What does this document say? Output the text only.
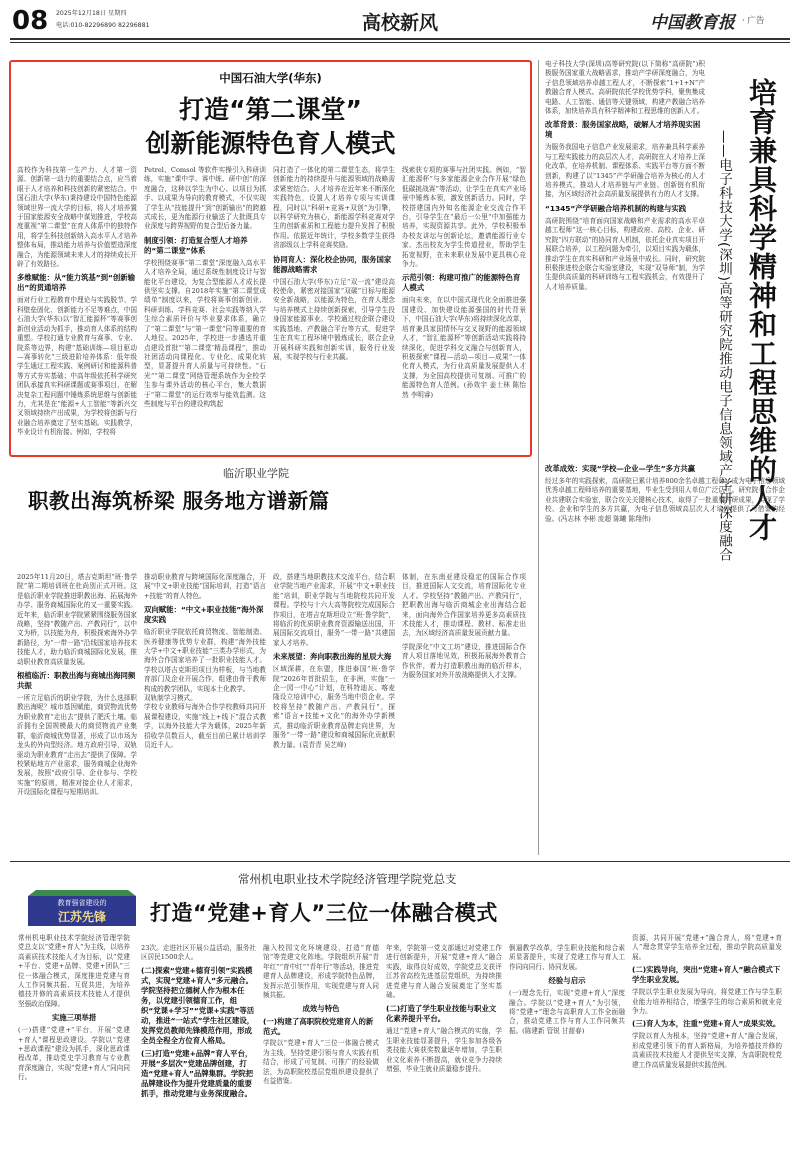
08 2025年12月18日 星期四
电话:010-82296890 82296881	高校新风	中国教育报 · 广告
中国石油大学(华东)
打造“第二课堂”
创新能源特色育人模式
高校作为科技第一生产力、人才第一资源、创新第一动力的重要结合点，应当着眼于人才培养和科技创新的紧密结合。中国石油大学(华东)秉持建设中国特色能源领域世界一流大学的目标，将人才培养置于国家能源安全战略中谋划推进，学校高度重视“第二课堂”在育人体系中的独特作用，将学生科技创新纳入高水平人才培养整体布局，推动能力培养与价值塑造深度融合，为能源领域未来人才的持续成长开辟了有效路径。
多维赋能：从“能力筑基”到“创新输出”的贯通培养
面对行业工程教育中理论与实践脱节、学科壁垒固化、创新能力不足等难点，中国石油大学(华东)以“智汇能源杯”等赛事创新创业活动为抓手，推动育人体系的结构重塑。学校打通专业教育与赛事、专业、院系等边界，构建“基础训练—项目驱动—赛事转化”三级进阶培养体系：低年级学生通过工程实践、案例研讨和能源科普等方式夯实基础；中高年级依托科学研究团队承接真实科研课题或赛事项目，在解决复杂工程问题中锤炼系统思维与创新能力，尤其是在“能源+人工智能”等新兴交叉领域持续产出成果，为学校将创新与行业融合培养奠定了坚实基础。实践教学，毕业设计有机衔接。例如，学校将
Petrel、Comsol 等软件实操引入科研训练，实施“课中学、赛中练、研中创”的深度融合，这种以学生为中心、以项目为抓手、以成果为导向的教育模式，不仅实现了学生从“技能提升”到“创新输出”的跨越式成长，更为能源行业输送了大批既具专业深度与跨界视野的复合型后备力量。
制度引领：打造复合型人才培养的“第二课堂”体系
学校围绕赛事“第二课堂”深度融入高水平人才培养全局，通过系统性制度设计与智能化平台建设，为复合型能源人才成长提供坚实支撑。自2018年实施“第二课堂成绩单”制度以来，学校将赛事创新创业、科研训练、学科竞赛、社会实践等纳入学生综合素质评价与毕业要求体系，确立了“第二课堂”与“第一课堂”同等重要的育人地位。2025年，学校进一步遴选并重点建设首批“‘第二课堂’精品课程”，推动社团活动向课程化、专业化、成果化转型，显著提升育人质量与可持续性。“石光”“第二课堂”网络管理系统作为全校学生参与课外活动的核心平台，集大数据于“第二课堂”的运行效率与能效监测。这些制度与平台的建设构筑起
同打造了一体化的第二课堂生态，将学生创新能力的持续提升与能源领域的战略需求紧密结合。人才培养在近年来不断深化实践特色，设置人才培养专项与实训课程，同时以“科研+竞赛+双创”为引擎，以科学研究为核心，新能源学科竞赛对学生的创新素质和工程能力提升发挥了积极作用。依据近年统计，学校多数学生获得省部级以上学科竞赛奖励。
协同育人：深化校企协同，服务国家能源战略需求
中国石油大学(华东)立足“双一流”建设高校使命，紧密对接国家“双碳”目标与能源安全新战略，以能源为特色，在育人理念与培养模式上持续创新探索，引导学生投身国家能源事业。学校通过校企联合建设实践基地、产教融合平台等方式，促进学生在真实工程环境中锻炼成长，联合企业开展科研实践和创新实训，服务行业发展，实现学校与行业共赢。
线索获专项的赛事与社团实践。例如，“智汇能源杯”与多家能源企业合作开展“绿色低碳挑战赛”等活动，让学生在真实产业场景中锤炼本领，激发创新活力。同时，学校搭建国内外知名能源企业交流合作平台，引导学生在“最后一公里”中加强能力培养，实现资源共享。此外，学校积极举办校友讲坛与创新论坛，邀请能源行业专家、杰出校友为学生传道授业，帮助学生拓宽视野，在未来职业发展中更具核心竞争力。
示范引领：构建可推广的能源特色育人模式
面向未来，在以中国式现代化全面推进强国建设、加快建设能源强国的时代背景下，中国石油大学(华东)将持续深化改革，培育兼具家国情怀与交叉视野的能源领域人才，“智汇能源杯”等创新活动实践将持续深化，促进学科交叉融合与创新育人，积极探索“课程—活动—项目—成果”一体化育人模式，为行业高质量发展提供人才支撑，为全国高校提供可复制、可推广的能源特色育人范例。(孙效宇 姜士林 陈怡然 李明睿)
临沂职业学院
职教出海筑桥梁 服务地方谱新篇
2025年11月20日，塔吉克斯坦“班·鲁学院”第二期培训班在杜尚别正式开班。这是临沂职业学院推进职教出海、拓展海外办学、服务商城国际化的又一重要实践。近年来，临沂职业学院紧紧围绕服务国家战略，坚持“教随产出、产教同行”，以中文为桥，以技能为舟，积极探索海外办学新路径，为“一带一路”沿线国家培养技术技能人才，助力临沂商城国际化发展，推动职业教育高质量发展。
根植临沂：职教出海与商城出海同频共振
一所立足临沂的职业学院，为什么选择职教出海呢？城市基因赋能，商贸物流优势为职业教育“走出去”提供了肥沃土壤。临沂拥有全国规模最大的商贸物流产业集群，临沂商城优势显著，形成了以市场为龙头的外向型经济。地方政府引导，双轨驱动为职业教育“走出去”提供了保障。学校紧贴地方产业需求，服务商城企业海外发展，按照“政府引导、企业参与、学校实施”的原则，精准对接企业人才需求，开设国际化课程与短期培训。
推动职业教育与跨境国际化深度融合，开展“中文+职业技能”国际培训，打造“语言+技能”的育人特色。
双向赋能：“中文+职业技能”海外深度实践
临沂职业学院依托商贸物流、智能制造、医养健康等优势专业群，构建“海外技能大学+中文+职业技能”三类办学形式，为海外合作国家培养了一批职业技能人才。学校以塔吉克斯坦项目为样板，与当地教育部门及企业开展合作，组建由骨干教师构成的教学团队，实现本土化教学。
双轨制学习模式。
学校专业教师与海外合作学校教师共同开展课程建设，实施“线上+线下”混合式教学，以海外技能大学为载体，2025年新招收学员数百人，截至目前已累计培训学员近千人。
政，搭建当地职教技术交流平台，结合职业学院当地产业需求，开展“中文+职业技能”培训，职业学院与当地院校共同开发课程。学校与十六大高等院校完成国际合作项目，在塔吉克斯坦设立“班·鲁学院”，将临沂的优质职业教育资源输送出国，开展国际交流项目，服务“一带一路”共建国家人才培养。
未来展望：奔向职教出海的星辰大海
区域深耕，在东盟，推进泰国“班·鲁学院”2026年首批招生，在非洲，实施“一企一园一中心”计划，在科特迪瓦、喀麦隆设立培训中心，服务当地中资企业。学校将坚持“教随产出、产教同行”，探索“语言+技能+文化”的海外办学新模式，推动临沂职业教育品牌走向世界，为服务“一带一路”建设和商城国际化贡献职教力量。(袁青青 吴艺峰)
体制，在东南亚建设稳定的国际合作项目，推进国际人文交流，培育国际化专业人才。学校坚持“教随产出、产教同行”，把职教出海与临沂商城企业出海结合起来，面向海外合作国家培养更多高素质技术技能人才，推动课程、教材、标准走出去，为区域经济高质量发展贡献力量。
学院深化“中文工坊”建设，推进国际合作育人项目落地见效，积极拓展海外教育合作伙伴，着力打造职教出海的临沂样本，为服务国家对外开放战略提供人才支撑。
教育强省建设的
江苏先锋
常州机电职业技术学院经济管理学院党总支
打造“党建+育人”三位一体融合模式
常州机电职业技术学院经济管理学院党总支以“党建+育人”为主线，以培养高素质技术技能人才为目标，以“党建+平台、党建+品牌、党建+团队”三位一体融合模式，深度推进党建与育人工作同频共振、互促共进，为培养德技并修的高素质技术技能人才提供坚强政治保障。
实施三项举措
(一)搭建“党建+”平台，开展“党建+育人”课程思政建设。学院以“党建+思政课程”建设为抓手，深化思政课程改革，推动党史学习教育与专业教育深度融合，实现“党建+育人”同向同行。
23次。走进社区开展公益活动，服务社区居民1500余人。
(二)探索“党建+德育引领”实践模式，实现“党建+育人”多元融合。学院坚持把立德树人作为根本任务，以党建引领德育工作，组织“党课+学习”“党课+实践”等活动，推进“一站式”学生社区建设，发挥党员教师先锋模范作用，形成全员全程全方位育人格局。
(三)打造“党建+品牌”育人平台，开展“多层次”党建品牌创建，打造“党建+育人”品牌集群。学院把品牌建设作为提升党建质量的重要抓手，推动党建与业务深度融合。
融入校园文化环境建设，打造“育德馆”等党建文化阵地。学院组织开展“青年红”“育中红”“青年行”等活动，推进党建育人品牌建设，形成学院特色品牌，发挥示范引领作用，实现党建与育人同频共振。
成效与特色
(一)构建了高职院校党建育人的新范式。
学院以“党建+育人”三位一体融合模式为主线，坚持党建引领与育人实践有机结合，形成了可复制、可推广的经验做法，为高职院校基层党组织建设提供了有益借鉴。
年来，学院第一党支部通过对党建工作进行创新提升，开展“党建+育人”融合实践，取得良好成效，学院党总支获评江苏省高校先进基层党组织，为持续推进党建与育人融合发展奠定了坚实基础。
(二)打造了学生职业技能与职业文化素养提升平台。
通过“党建+育人”融合模式的实施，学生职业技能显著提升，学生参加各级各类技能大赛获奖数量逐年增加，学生职业文化素养不断提高，就业竞争力持续增强，毕业生就业质量稳步提升。
倒逼教学改革，学生职业技能和综合素质显著提升，实现了党建工作与育人工作同向同行、协同发展。
经验与启示
(一)理念先行，实现“党建+育人”深度融合。学院以“党建+育人”为引领，将“党建+”理念与高职育人工作全面融合，推动党建工作与育人工作同频共振。(陈建新 管锐 甘甜春)
资源，共同开展“党建+”融合育人，将“党建+育人”理念贯穿学生培养全过程，推动学院高质量发展。
(二)实践导向，突出“党建+育人”融合模式下学生职业发展。
学院以学生职业发展为导向，将党建工作与学生职业能力培养相结合，增强学生的综合素质和就业竞争力。
(三)育人为本，注重“党建+育人”成果实效。
学院以育人为根本，坚持“党建+育人”融合发展，形成党建引领下的育人新格局，为培养德技并修的高素质技术技能人才提供坚实支撑，为高职院校党建工作高质量发展提供实践范例。
培育兼具科学精神和工程思维的人才
——电子科技大学(深圳)高等研究院推动电子信息领域产学研深度融合
电子科技大学(深圳)高等研究院(以下简称“高研院”)积极服务国家重大战略需求，推动产学研深度融合，为电子信息领域培养卓越工程人才，不断探索“1+1+N”产教融合育人模式。高研院依托学校优势学科，聚焦集成电路、人工智能、通信等关键领域，构建产教融合培养体系，加快培养具有科学精神和工程思维的创新人才。
改革背景：服务国家战略，破解人才培养现实困境
为服务我国电子信息产业发展需求，培养兼具科学素养与工程实践能力的高层次人才，高研院在人才培养上深化改革，在培养机制、课程体系、实践平台等方面不断创新，构建了以“1345”产学研融合培养为核心的人才培养模式，推动人才培养链与产业链、创新链有机衔接，为区域经济社会高质量发展提供有力的人才支撑。
“1345”产学研融合培养机制的构建与实践
高研院围绕“培育面向国家战略和产业需求的高水平卓越工程师”这一核心目标，构建政府、高校、企业、研究院“四方联动”的协同育人机制，依托企业真实项目开展联合培养，以工程问题为牵引，以项目实践为载体，推动学生在真实科研和产业场景中成长。同时，研究院积极推进校企联合实验室建设，实现“双导师”制，为学生提供高质量的科研训练与工程实践机会，有效提升了人才培养质量。
改革成效：实现“学校—企业—学生”多方共赢
经过多年的实践探索，高研院已累计培养800余名卓越工程师，成为电子信息领域优秀卓越工程师培养的重要基地，毕业生受到用人单位广泛认可。研究院与合作企业共建联合实验室，联合攻关关键核心技术，取得了一批重要科研成果，实现了学校、企业和学生的多方共赢，为电子信息领域高层次人才培养提供了可借鉴的经验。(冯志林 李彬 庞超 陈曦 陈翔伟)
